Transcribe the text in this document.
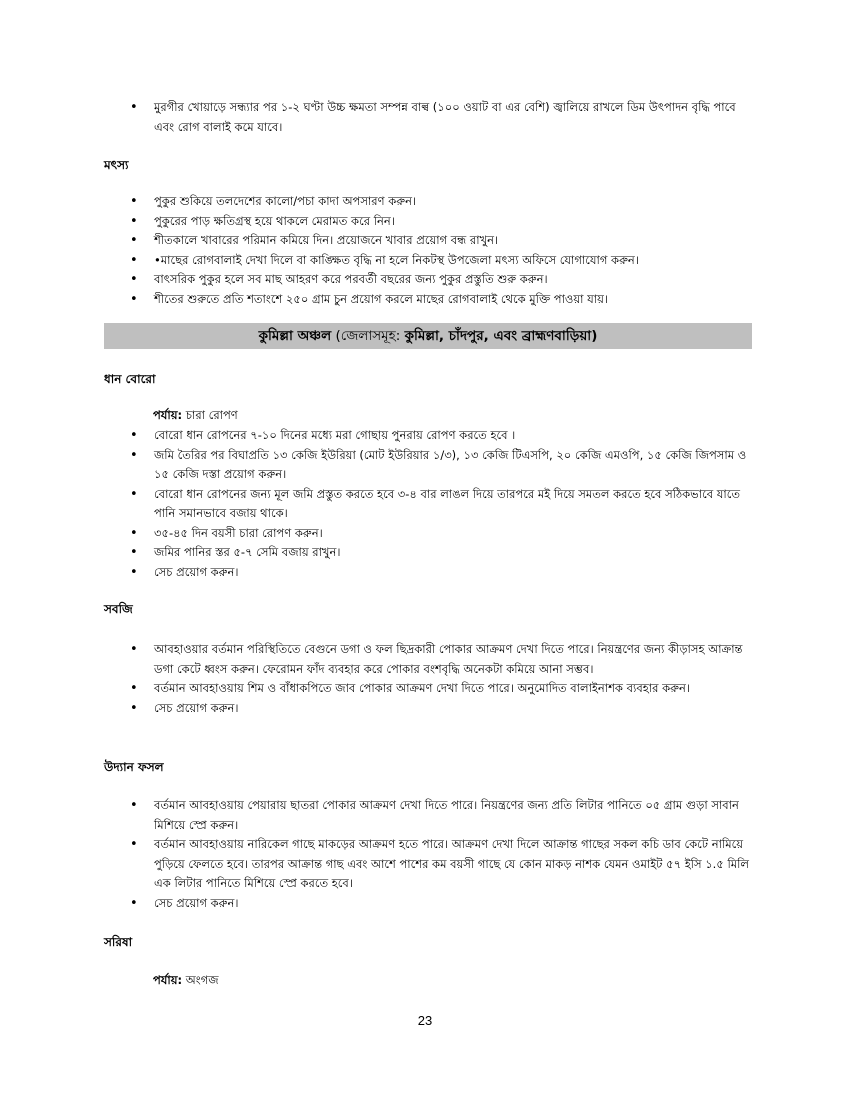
• মুরগীর খোয়াড়ে সন্ধ্যার পর ১-২ ঘণ্টা উচ্চ ক্ষমতা সম্পন্ন বাল্ব (১০০ ওয়াট বা এর বেশি) জ্বালিয়ে রাখলে ডিম উৎপাদন বৃদ্ধি পাবে এবং রোগ বালাই কমে যাবে।
মৎস্য
• পুকুর শুকিয়ে তলদেশের কালো/পচা কাদা অপসারণ করুন।
• পুকুরের পাড় ক্ষতিগ্রস্থ হয়ে থাকলে মেরামত করে নিন।
• শীতকালে খাবারের পরিমান কমিয়ে দিন। প্রয়োজনে খাবার প্রয়োগ বন্ধ রাখুন।
• •মাছের রোগবালাই দেখা দিলে বা কাঙ্ক্ষিত বৃদ্ধি না হলে নিকটস্থ উপজেলা মৎস্য অফিসে যোগাযোগ করুন।
• বাৎসরিক পুকুর হলে সব মাছ আহরণ করে পরবর্তী বছরের জন্য পুকুর প্রস্তুতি শুরু করুন।
• শীতের শুরুতে প্রতি শতাংশে ২৫০ গ্রাম চুন প্রয়োগ করলে মাছের রোগবালাই থেকে মুক্তি পাওয়া যায়।
কুমিল্লা অঞ্চল (জেলাসমূহ: কুমিল্লা, চাঁদপুর, এবং ব্রাহ্মণবাড়িয়া)
ধান বোরো
পর্যায়: চারা রোপণ
• বোরো ধান রোপনের ৭-১০ দিনের মধ্যে মরা গোছায় পুনরায় রোপণ করতে হবে ।
• জমি তৈরির পর বিঘাপ্রতি ১৩ কেজি ইউরিয়া (মোট ইউরিয়ার ১/৩), ১৩ কেজি টিএসপি, ২০ কেজি এমওপি, ১৫ কেজি জিপসাম ও ১৫ কেজি দস্তা প্রয়োগ করুন।
• বোরো ধান রোপনের জন্য মূল জমি প্রস্তুত করতে হবে ৩-৪ বার লাঙল দিয়ে তারপরে মই দিয়ে সমতল করতে হবে সঠিকভাবে যাতে পানি সমানভাবে বজায় থাকে।
• ৩৫-৪৫ দিন বয়সী চারা রোপণ করুন।
• জমির পানির স্তর ৫-৭ সেমি বজায় রাখুন।
• সেচ প্রয়োগ করুন।
সবজি
• আবহাওয়ার বর্তমান পরিস্থিতিতে বেগুনে ডগা ও ফল ছিদ্রকারী পোকার আক্রমণ দেখা দিতে পারে। নিয়ন্ত্রণের জন্য কীড়াসহ আক্রান্ত ডগা কেটে ধ্বংস করুন। ফেরোমন ফাঁদ ব্যবহার করে পোকার বংশবৃদ্ধি অনেকটা কমিয়ে আনা সম্ভব।
• বর্তমান আবহাওয়ায় শিম ও বাঁধাকপিতে জাব পোকার আক্রমণ দেখা দিতে পারে। অনুমোদিত বালাইনাশক ব্যবহার করুন।
• সেচ প্রয়োগ করুন।
উদ্যান ফসল
• বর্তমান আবহাওয়ায় পেয়ারায় ছাতরা পোকার আক্রমণ দেখা দিতে পারে। নিয়ন্ত্রণের জন্য প্রতি লিটার পানিতে ০৫ গ্রাম গুড়া সাবান মিশিয়ে স্প্রে করুন।
• বর্তমান আবহাওয়ায় নারিকেল গাছে মাকড়ের আক্রমণ হতে পারে। আক্রমণ দেখা দিলে আক্রান্ত গাছের সকল কচি ডাব কেটে নামিয়ে পুড়িয়ে ফেলতে হবে। তারপর আক্রান্ত গাছ এবং আশে পাশের কম বয়সী গাছে যে কোন মাকড় নাশক যেমন ওমাইট ৫৭ ইসি ১.৫ মিলি এক লিটার পানিতে মিশিয়ে স্প্রে করতে হবে।
• সেচ প্রয়োগ করুন।
সরিষা
পর্যায়: অংগজ
23
